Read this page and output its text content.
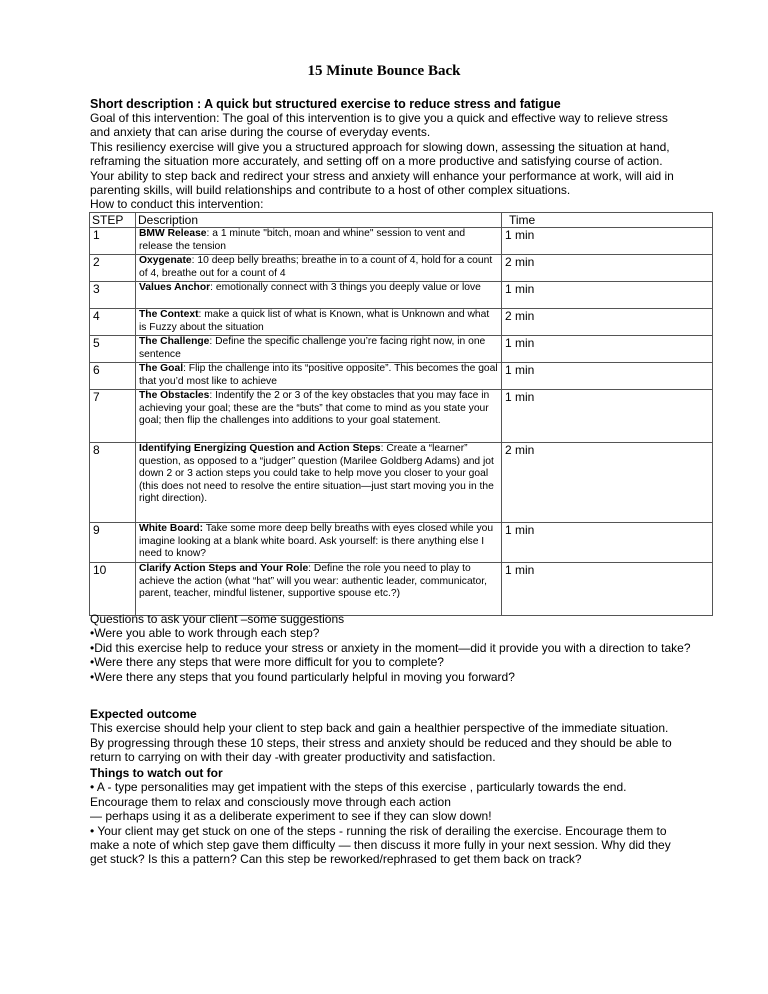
15 Minute Bounce Back
Short description : A quick but structured exercise to reduce stress and fatigue

Goal of this intervention: The goal of this intervention is to give you a quick and effective way to relieve stress

and anxiety that can arise during the course of everyday events.

This resiliency exercise will give you a structured approach for slowing down, assessing the situation at hand,

reframing the situation more accurately, and setting off on a more productive and satisfying course of action.

Your ability to step back and redirect your stress and anxiety will enhance your performance at work, will aid in

parenting skills, will build relationships and contribute to a host of other complex situations.

How to conduct this intervention:

STEP	Description	Time
1	BMW Release: a 1 minute "bitch, moan and whine" session to vent and release the tension	1 min
2	Oxygenate: 10 deep belly breaths; breathe in to a count of 4, hold for a count of 4, breathe out for a count of 4	2 min
3	Values Anchor: emotionally connect with 3 things you deeply value or love	1 min
4	The Context: make a quick list of what is Known, what is Unknown and what is Fuzzy about the situation	2 min
5	The Challenge: Define the specific challenge you’re facing right now, in one sentence	1 min
6	The Goal: Flip the challenge into its “positive opposite”. This becomes the goal that you’d most like to achieve	1 min
7	The Obstacles: Indentify the 2 or 3 of the key obstacles that you may face in achieving your goal; these are the “buts” that come to mind as you state your goal; then flip the challenges into additions to your goal statement.	1 min
8	Identifying Energizing Question and Action Steps: Create a “learner” question, as opposed to a “judger” question (Marilee Goldberg Adams) and jot down 2 or 3 action steps you could take to help move you closer to your goal (this does not need to resolve the entire situation—just start moving you in the right direction).	2 min
9	White Board: Take some more deep belly breaths with eyes closed while you imagine looking at a blank white board. Ask yourself: is there anything else I need to know?	1 min
10	Clarify Action Steps and Your Role: Define the role you need to play to achieve the action (what “hat” will you wear: authentic leader, communicator, parent, teacher, mindful listener, supportive spouse etc.?)	1 min

Questions to ask your client –some suggestions

•Were you able to work through each step?

•Did this exercise help to reduce your stress or anxiety in the moment—did it provide you with a direction to take?

•Were there any steps that were more difficult for you to complete?

•Were there any steps that you found particularly helpful in moving you forward?

Expected outcome

This exercise should help your client to step back and gain a healthier perspective of the immediate situation.

By progressing through these 10 steps, their stress and anxiety should be reduced and they should be able to

return to carrying on with their day -with greater productivity and satisfaction.

Things to watch out for

• A - type personalities may get impatient with the steps of this exercise , particularly towards the end.

Encourage them to relax and consciously move through each action

— perhaps using it as a deliberate experiment to see if they can slow down!

• Your client may get stuck on one of the steps - running the risk of derailing the exercise. Encourage them to

make a note of which step gave them difficulty — then discuss it more fully in your next session. Why did they

get stuck? Is this a pattern? Can this step be reworked/rephrased to get them back on track?
